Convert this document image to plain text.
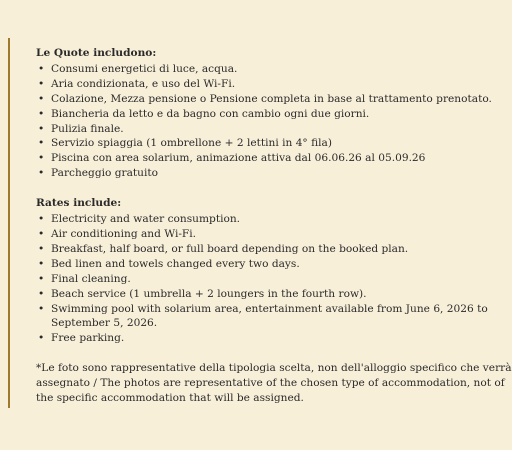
Le Quote includono:
• Consumi energetici di luce, acqua.
• Aria condizionata, e uso del Wi-Fi.
• Colazione, Mezza pensione o Pensione completa in base al trattamento prenotato.
• Biancheria da letto e da bagno con cambio ogni due giorni.
• Pulizia finale.
• Servizio spiaggia (1 ombrellone + 2 lettini in 4° fila)
• Piscina con area solarium, animazione attiva dal 06.06.26 al 05.09.26
• Parcheggio gratuito
Rates include:
• Electricity and water consumption.
• Air conditioning and Wi-Fi.
• Breakfast, half board, or full board depending on the booked plan.
• Bed linen and towels changed every two days.
• Final cleaning.
• Beach service (1 umbrella + 2 loungers in the fourth row).
• Swimming pool with solarium area, entertainment available from June 6, 2026 to
September 5, 2026.
• Free parking.

*Le foto sono rappresentative della tipologia scelta, non dell'alloggio specifico che verrà

assegnato / The photos are representative of the chosen type of accommodation, not of

the specific accommodation that will be assigned.
